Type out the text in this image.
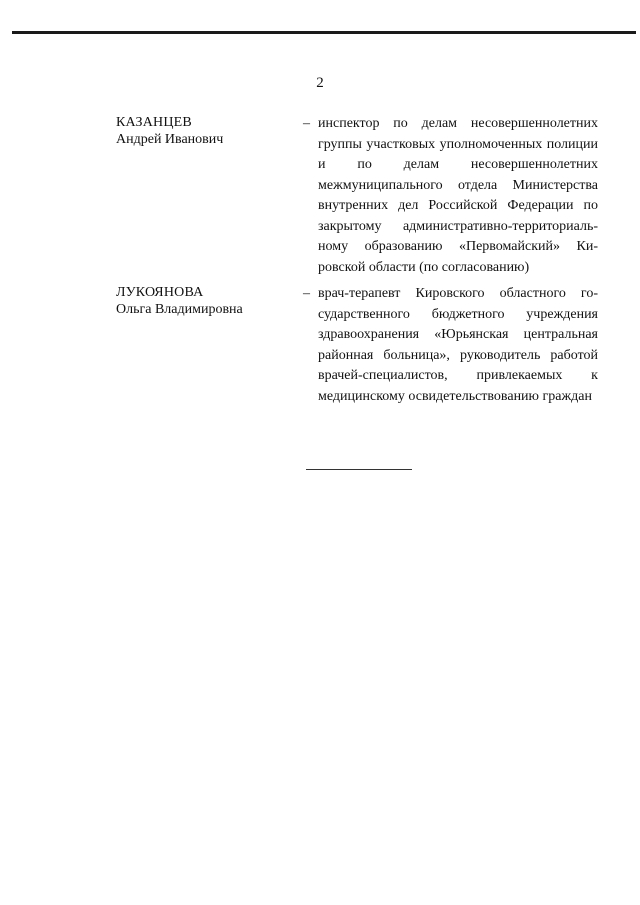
2
КАЗАНЦЕВ
Андрей Иванович
– инспектор по делам несовершеннолетних группы участковых уполномоченных полиции и по делам несовершеннолетних межмуниципального отдела Министерства внутренних дел Российской Федерации по закрытому административно-территориальному образованию «Первомайский» Кировской области (по согласованию)
ЛУКОЯНОВА
Ольга Владимировна
– врач-терапевт Кировского областного государственного бюджетного учреждения здравоохранения «Юрьянская центральная районная больница», руководитель работой врачей-специалистов, привлекаемых к медицинскому освидетельствованию граждан
